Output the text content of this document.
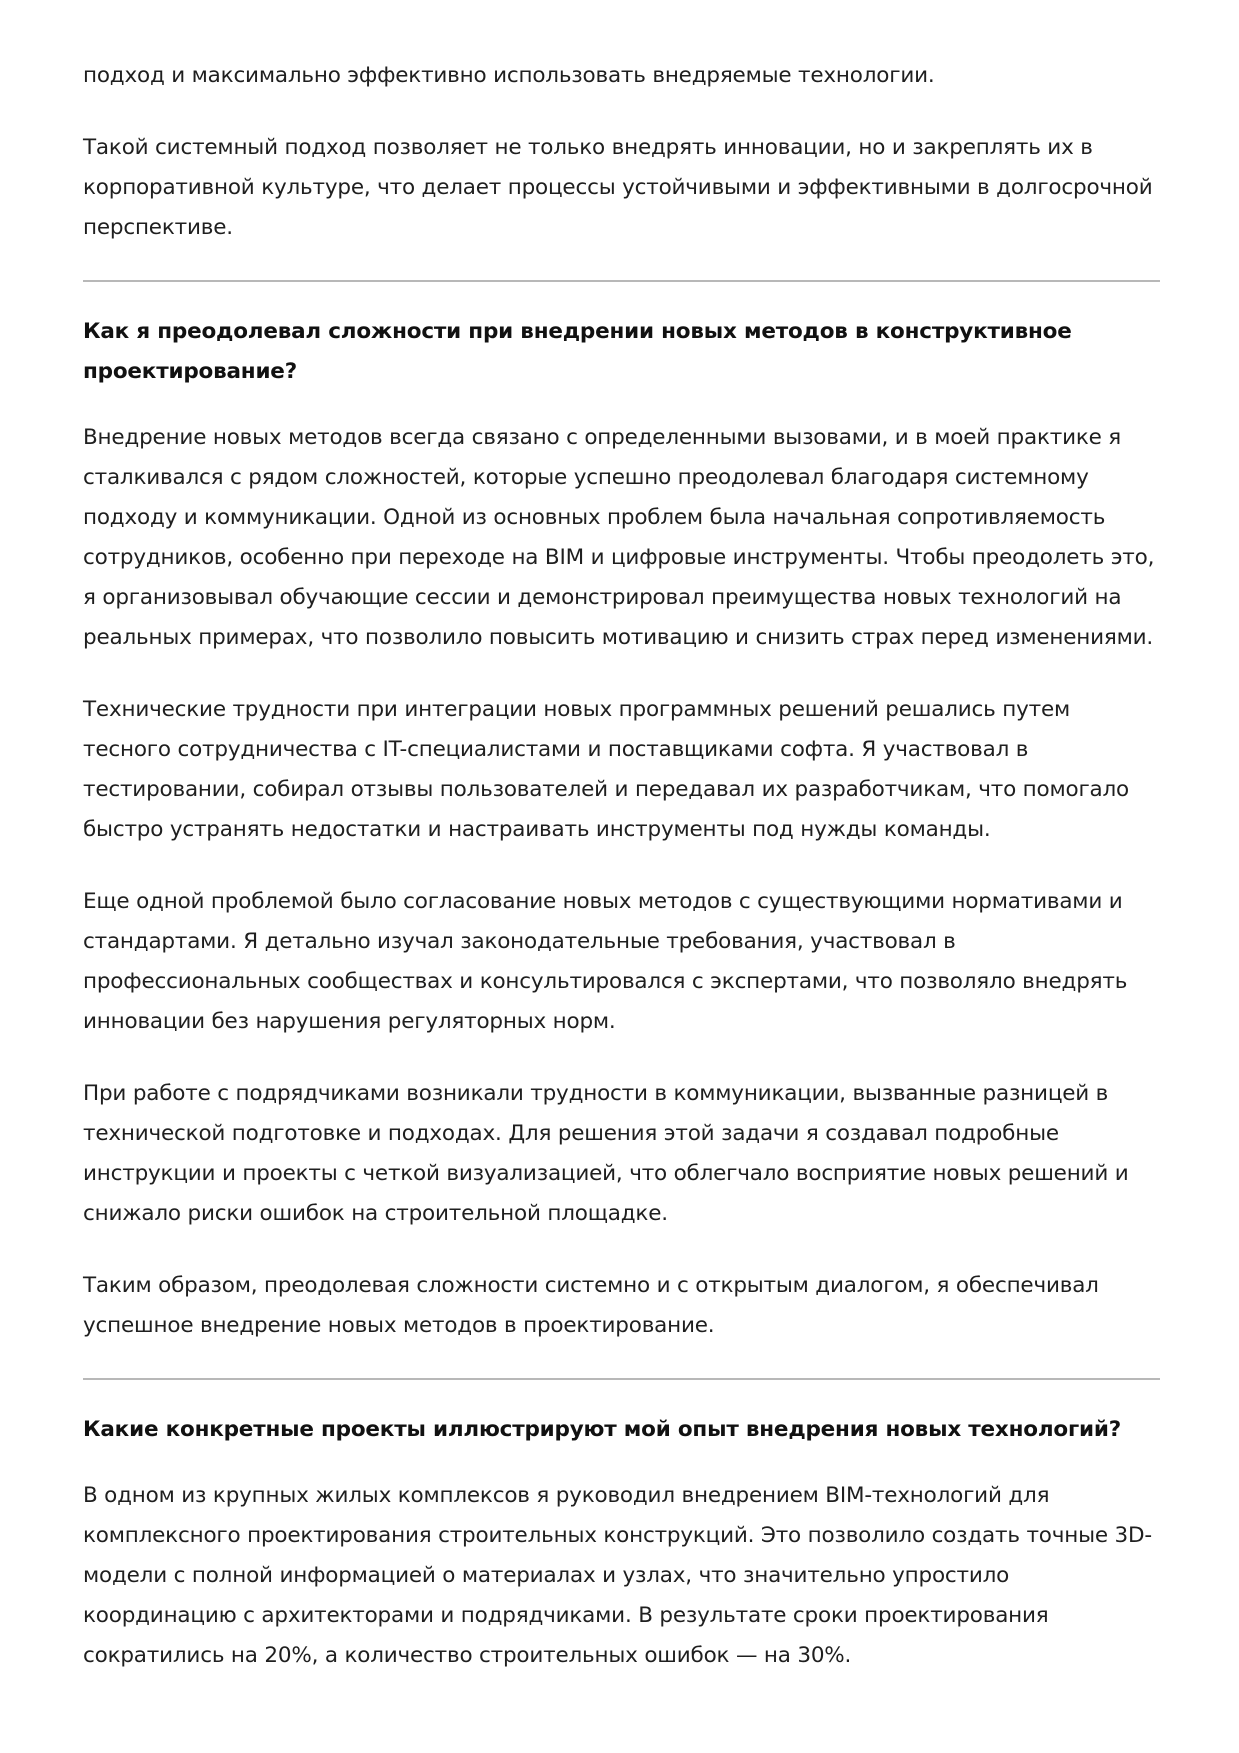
подход и максимально эффективно использовать внедряемые технологии.

Такой системный подход позволяет не только внедрять инновации, но и закреплять их в корпоративной культуре, что делает процессы устойчивыми и эффективными в долгосрочной перспективе.

Как я преодолевал сложности при внедрении новых методов в конструктивное проектирование?

Внедрение новых методов всегда связано с определенными вызовами, и в моей практике я сталкивался с рядом сложностей, которые успешно преодолевал благодаря системному подходу и коммуникации. Одной из основных проблем была начальная сопротивляемость сотрудников, особенно при переходе на BIM и цифровые инструменты. Чтобы преодолеть это, я организовывал обучающие сессии и демонстрировал преимущества новых технологий на реальных примерах, что позволило повысить мотивацию и снизить страх перед изменениями.

Технические трудности при интеграции новых программных решений решались путем тесного сотрудничества с IT-специалистами и поставщиками софта. Я участвовал в тестировании, собирал отзывы пользователей и передавал их разработчикам, что помогало быстро устранять недостатки и настраивать инструменты под нужды команды.

Еще одной проблемой было согласование новых методов с существующими нормативами и стандартами. Я детально изучал законодательные требования, участвовал в профессиональных сообществах и консультировался с экспертами, что позволяло внедрять инновации без нарушения регуляторных норм.

При работе с подрядчиками возникали трудности в коммуникации, вызванные разницей в технической подготовке и подходах. Для решения этой задачи я создавал подробные инструкции и проекты с четкой визуализацией, что облегчало восприятие новых решений и снижало риски ошибок на строительной площадке.

Таким образом, преодолевая сложности системно и с открытым диалогом, я обеспечивал успешное внедрение новых методов в проектирование.

Какие конкретные проекты иллюстрируют мой опыт внедрения новых технологий?

В одном из крупных жилых комплексов я руководил внедрением BIM-технологий для комплексного проектирования строительных конструкций. Это позволило создать точные 3D-модели с полной информацией о материалах и узлах, что значительно упростило координацию с архитекторами и подрядчиками. В результате сроки проектирования сократились на 20%, а количество строительных ошибок — на 30%.
